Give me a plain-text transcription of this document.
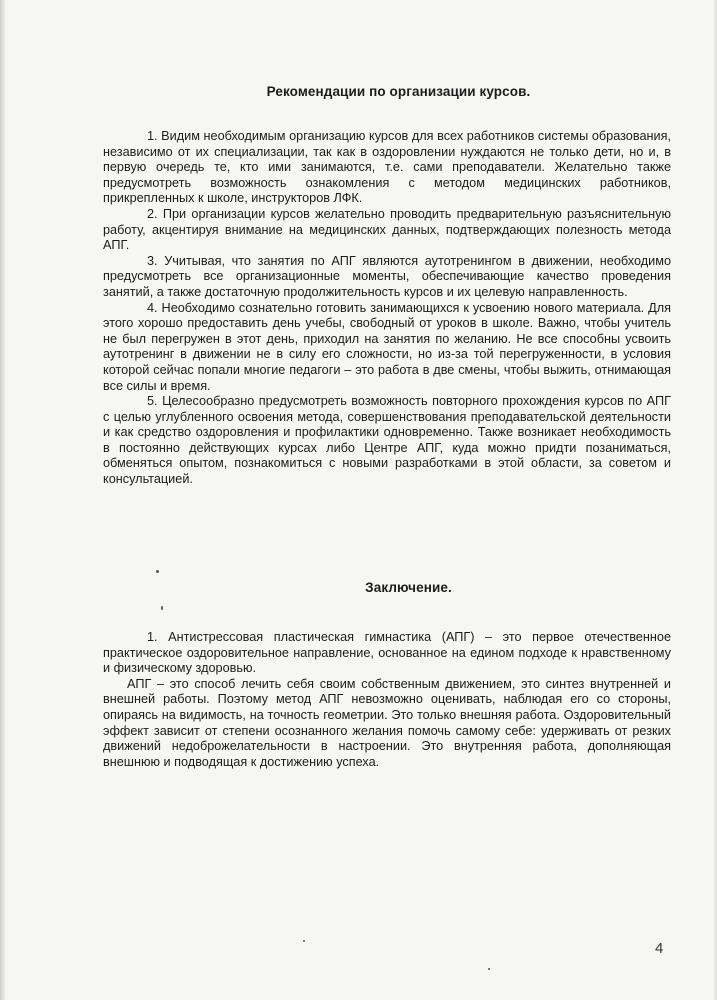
Рекомендации по организации курсов.

1. Видим необходимым организацию курсов для всех работников системы образования, независимо от их специализации, так как в оздоровлении нуждаются не только дети, но и, в первую очередь те, кто ими занимаются, т.е. сами преподаватели. Желательно также предусмотреть возможность ознакомления с методом медицинских работников, прикрепленных к школе, инструкторов ЛФК.

2. При организации курсов желательно проводить предварительную разъяснительную работу, акцентируя внимание на медицинских данных, подтверждающих полезность метода АПГ.

3. Учитывая, что занятия по АПГ являются аутотренингом в движении, необходимо предусмотреть все организационные моменты, обеспечивающие качество проведения занятий, а также достаточную продолжительность курсов и их целевую направленность.

4. Необходимо сознательно готовить занимающихся к усвоению нового материала. Для этого хорошо предоставить день учебы, свободный от уроков в школе. Важно, чтобы учитель не был перегружен в этот день, приходил на занятия по желанию. Не все способны усвоить аутотренинг в движении не в силу его сложности, но из-за той перегруженности, в условия которой сейчас попали многие педагоги – это работа в две смены, чтобы выжить, отнимающая все силы и время.

5. Целесообразно предусмотреть возможность повторного прохождения курсов по АПГ с целью углубленного освоения метода, совершенствования преподавательской деятельности и как средство оздоровления и профилактики одновременно. Также возникает необходимость в постоянно действующих курсах либо Центре АПГ, куда можно придти позаниматься, обменяться опытом, познакомиться с новыми разработками в этой области, за советом и консультацией.

Заключение.

1. Антистрессовая пластическая гимнастика (АПГ) – это первое отечественное практическое оздоровительное направление, основанное на едином подходе к нравственному и физическому здоровью.

АПГ – это способ лечить себя своим собственным движением, это синтез внутренней и внешней работы. Поэтому метод АПГ невозможно оценивать, наблюдая его со стороны, опираясь на видимость, на точность геометрии. Это только внешняя работа. Оздоровительный эффект зависит от степени осознанного желания помочь самому себе: удерживать от резких движений недоброжелательности в настроении. Это внутренняя работа, дополняющая внешнюю и подводящая к достижению успеха.

4
